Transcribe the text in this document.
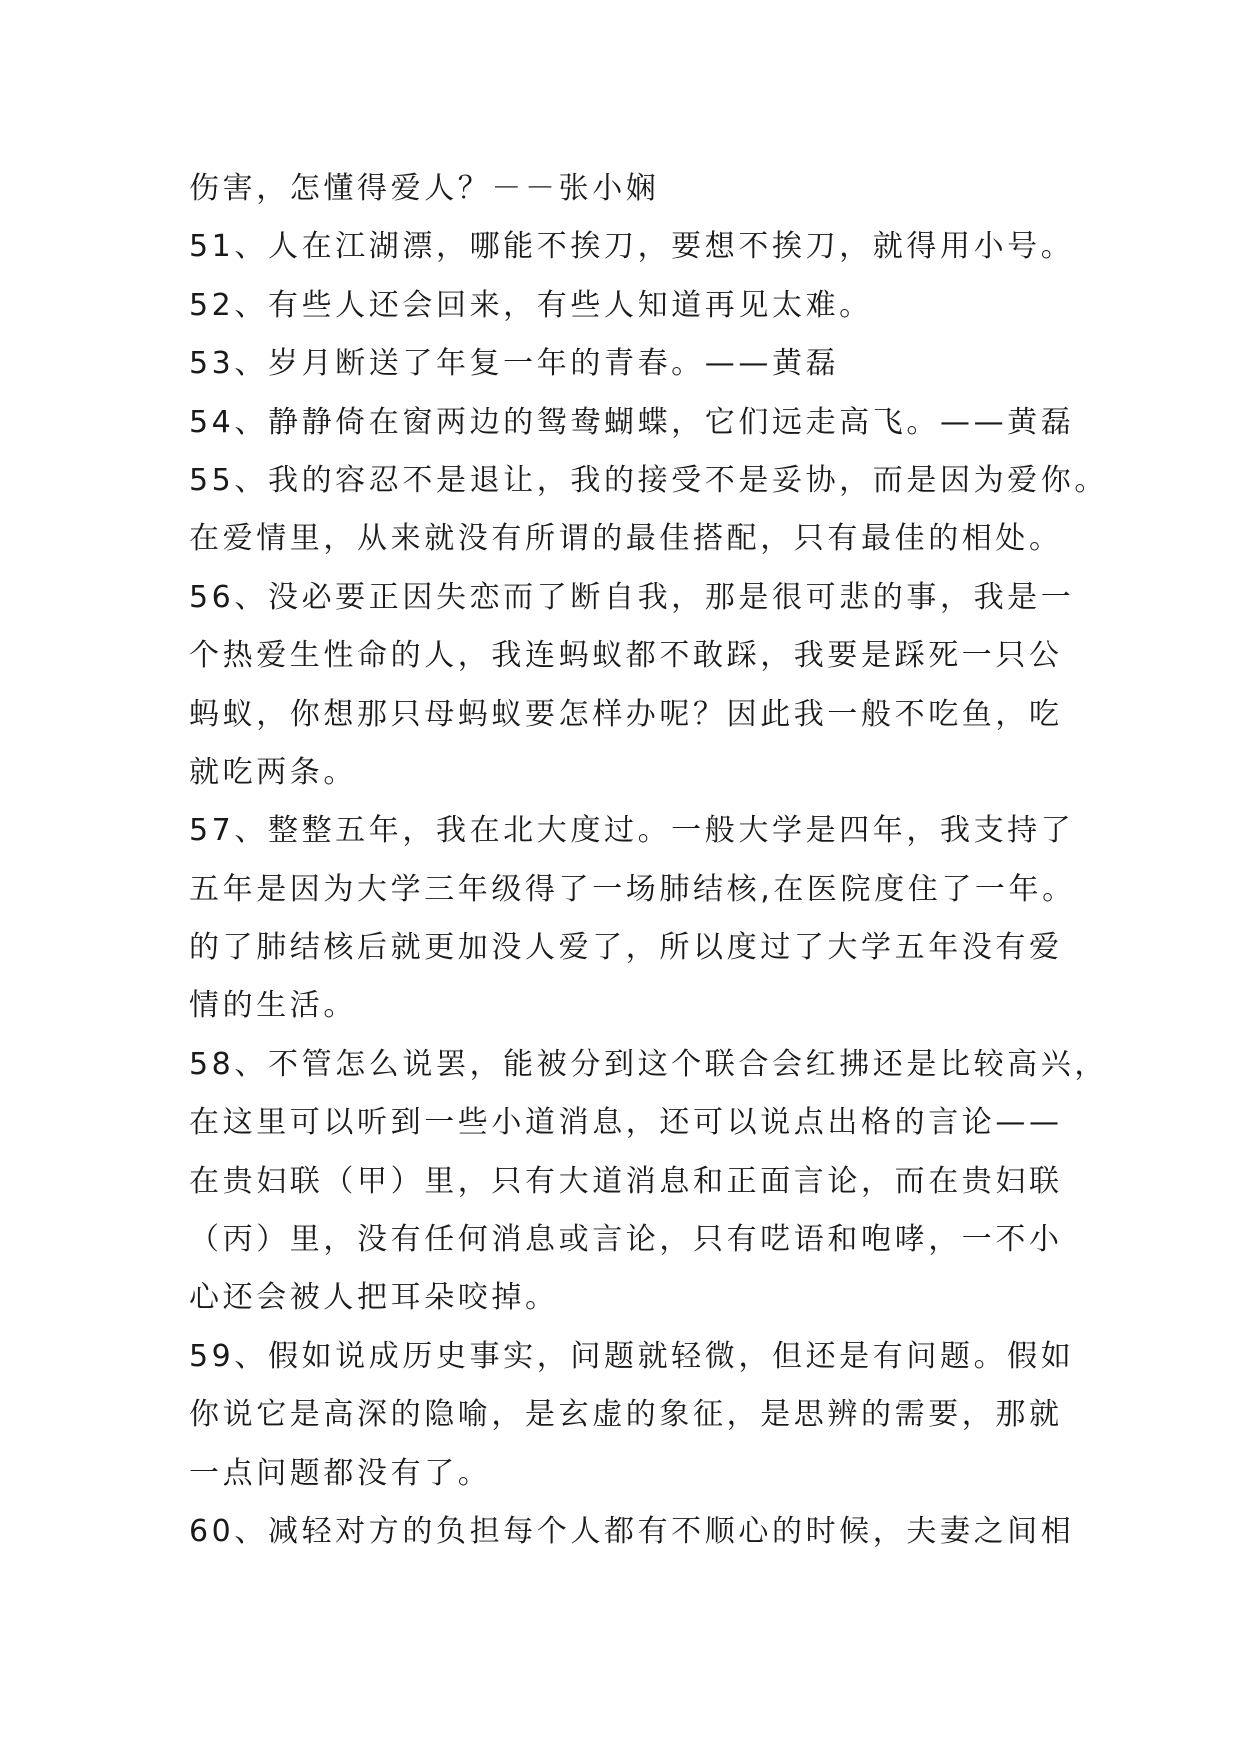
伤害，怎懂得爱人？－－张小娴
51、人在江湖漂，哪能不挨刀，要想不挨刀，就得用小号。
52、有些人还会回来，有些人知道再见太难。
53、岁月断送了年复一年的青春。——黄磊
54、静静倚在窗两边的鸳鸯蝴蝶，它们远走高飞。——黄磊
55、我的容忍不是退让，我的接受不是妥协，而是因为爱你。
在爱情里，从来就没有所谓的最佳搭配，只有最佳的相处。
56、没必要正因失恋而了断自我，那是很可悲的事，我是一
个热爱生性命的人，我连蚂蚁都不敢踩，我要是踩死一只公
蚂蚁，你想那只母蚂蚁要怎样办呢？因此我一般不吃鱼，吃
就吃两条。
57、整整五年，我在北大度过。一般大学是四年，我支持了
五年是因为大学三年级得了一场肺结核,在医院度住了一年。
的了肺结核后就更加没人爱了，所以度过了大学五年没有爱
情的生活。
58、不管怎么说罢，能被分到这个联合会红拂还是比较高兴，
在这里可以听到一些小道消息，还可以说点出格的言论——
在贵妇联（甲）里，只有大道消息和正面言论，而在贵妇联
（丙）里，没有任何消息或言论，只有呓语和咆哮，一不小
心还会被人把耳朵咬掉。
59、假如说成历史事实，问题就轻微，但还是有问题。假如
你说它是高深的隐喻，是玄虚的象征，是思辨的需要，那就
一点问题都没有了。
60、减轻对方的负担每个人都有不顺心的时候，夫妻之间相
